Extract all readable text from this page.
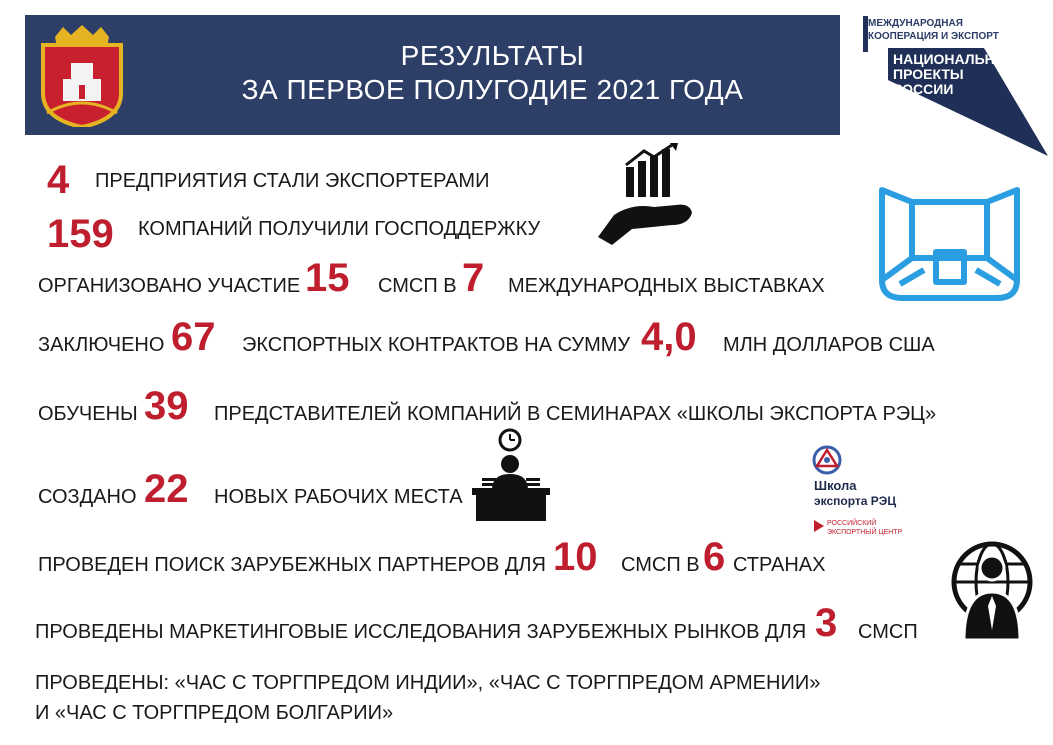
РЕЗУЛЬТАТЫ
ЗА ПЕРВОЕ ПОЛУГОДИЕ 2021 ГОДА
МЕЖДУНАРОДНАЯ
КООПЕРАЦИЯ И ЭКСПОРТ
НАЦИОНАЛЬНЫЕ
ПРОЕКТЫ
РОССИИ
4 ПРЕДПРИЯТИЯ СТАЛИ ЭКСПОРТЕРАМИ
159 КОМПАНИЙ ПОЛУЧИЛИ ГОСПОДДЕРЖКУ
ОРГАНИЗОВАНО УЧАСТИЕ 15 СМСП В 7 МЕЖДУНАРОДНЫХ ВЫСТАВКАХ
ЗАКЛЮЧЕНО 67 ЭКСПОРТНЫХ КОНТРАКТОВ НА СУММУ 4,0 МЛН ДОЛЛАРОВ США
ОБУЧЕНЫ 39 ПРЕДСТАВИТЕЛЕЙ КОМПАНИЙ В СЕМИНАРАХ «ШКОЛЫ ЭКСПОРТА РЭЦ»
СОЗДАНО 22 НОВЫХ РАБОЧИХ МЕСТА
Школа
экспорта РЭЦ
РОССИЙСКИЙ
ЭКСПОРТНЫЙ ЦЕНТР
ПРОВЕДЕН ПОИСК ЗАРУБЕЖНЫХ ПАРТНЕРОВ ДЛЯ 10 СМСП В 6 СТРАНАХ
ПРОВЕДЕНЫ МАРКЕТИНГОВЫЕ ИССЛЕДОВАНИЯ ЗАРУБЕЖНЫХ РЫНКОВ ДЛЯ 3 СМСП
ПРОВЕДЕНЫ: «ЧАС С ТОРГПРЕДОМ ИНДИИ», «ЧАС С ТОРГПРЕДОМ АРМЕНИИ»
И «ЧАС С ТОРГПРЕДОМ БОЛГАРИИ»
